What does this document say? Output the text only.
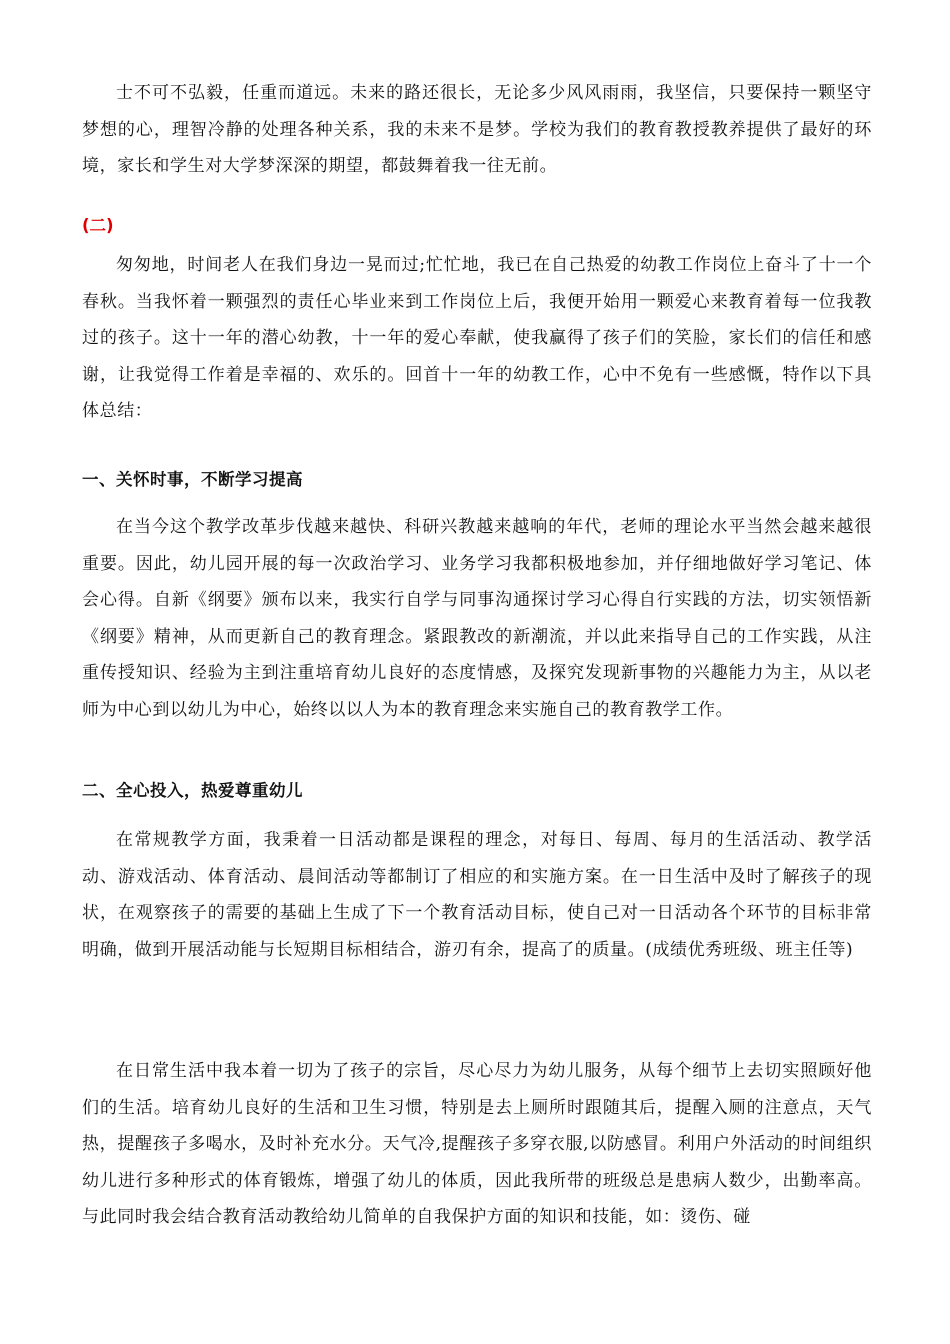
士不可不弘毅，任重而道远。未来的路还很长，无论多少风风雨雨，我坚信，只要保持一颗坚守梦想的心，理智冷静的处理各种关系，我的未来不是梦。学校为我们的教育教授教养提供了最好的环境，家长和学生对大学梦深深的期望，都鼓舞着我一往无前。

(二)

匆匆地，时间老人在我们身边一晃而过;忙忙地，我已在自己热爱的幼教工作岗位上奋斗了十一个春秋。当我怀着一颗强烈的责任心毕业来到工作岗位上后，我便开始用一颗爱心来教育着每一位我教过的孩子。这十一年的潜心幼教，十一年的爱心奉献，使我赢得了孩子们的笑脸，家长们的信任和感谢，让我觉得工作着是幸福的、欢乐的。回首十一年的幼教工作，心中不免有一些感慨，特作以下具体总结：

一、关怀时事，不断学习提高

在当今这个教学改革步伐越来越快、科研兴教越来越响的年代，老师的理论水平当然会越来越很重要。因此，幼儿园开展的每一次政治学习、业务学习我都积极地参加，并仔细地做好学习笔记、体会心得。自新《纲要》颁布以来，我实行自学与同事沟通探讨学习心得自行实践的方法，切实领悟新《纲要》精神，从而更新自己的教育理念。紧跟教改的新潮流，并以此来指导自己的工作实践，从注重传授知识、经验为主到注重培育幼儿良好的态度情感，及探究发现新事物的兴趣能力为主，从以老师为中心到以幼儿为中心，始终以以人为本的教育理念来实施自己的教育教学工作。

二、全心投入，热爱尊重幼儿

在常规教学方面，我秉着一日活动都是课程的理念，对每日、每周、每月的生活活动、教学活动、游戏活动、体育活动、晨间活动等都制订了相应的和实施方案。在一日生活中及时了解孩子的现状，在观察孩子的需要的基础上生成了下一个教育活动目标，使自己对一日活动各个环节的目标非常明确，做到开展活动能与长短期目标相结合，游刃有余，提高了的质量。(成绩优秀班级、班主任等)

在日常生活中我本着一切为了孩子的宗旨，尽心尽力为幼儿服务，从每个细节上去切实照顾好他们的生活。培育幼儿良好的生活和卫生习惯，特别是去上厕所时跟随其后，提醒入厕的注意点，天气热，提醒孩子多喝水，及时补充水分。天气冷,提醒孩子多穿衣服,以防感冒。利用户外活动的时间组织幼儿进行多种形式的体育锻炼，增强了幼儿的体质，因此我所带的班级总是患病人数少，出勤率高。与此同时我会结合教育活动教给幼儿简单的自我保护方面的知识和技能，如：烫伤、碰
